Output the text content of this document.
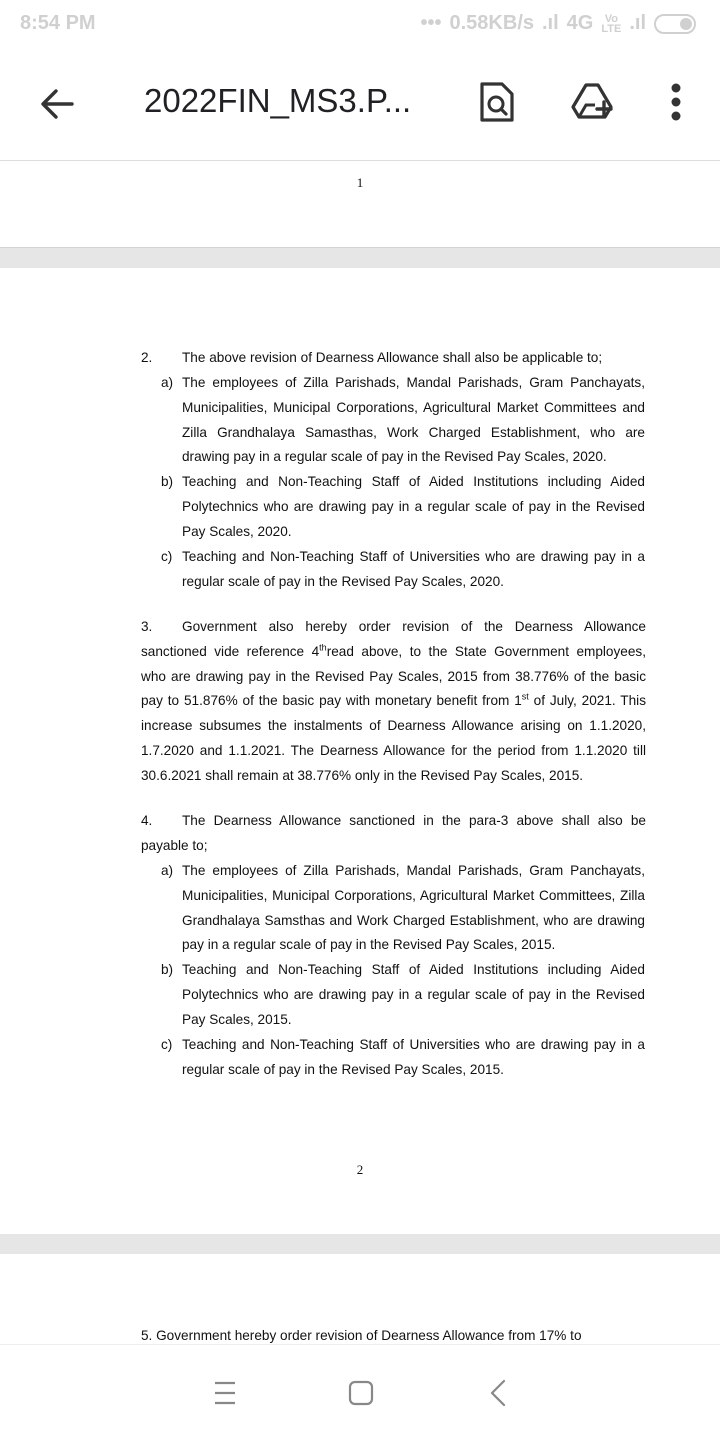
8:54 PM	••• 0.58KB/s .ıl 4G	Vo
LTE .ıl
2022FIN_MS3.P...
1
2. The above revision of Dearness Allowance shall also be applicable to;
a) The employees of Zilla Parishads, Mandal Parishads, Gram Panchayats,
Municipalities, Municipal Corporations, Agricultural Market Committees and
Zilla Grandhalaya Samasthas, Work Charged Establishment, who are
drawing pay in a regular scale of pay in the Revised Pay Scales, 2020.
b) Teaching and Non-Teaching Staff of Aided Institutions including Aided
Polytechnics who are drawing pay in a regular scale of pay in the Revised
Pay Scales, 2020.
c) Teaching and Non-Teaching Staff of Universities who are drawing pay in a
regular scale of pay in the Revised Pay Scales, 2020.
3. Government also hereby order revision of the Dearness Allowance
sanctioned vide reference 4thread above, to the State Government employees,
who are drawing pay in the Revised Pay Scales, 2015 from 38.776% of the basic
pay to 51.876% of the basic pay with monetary benefit from 1st of July, 2021. This
increase subsumes the instalments of Dearness Allowance arising on 1.1.2020,
1.7.2020 and 1.1.2021. The Dearness Allowance for the period from 1.1.2020 till
30.6.2021 shall remain at 38.776% only in the Revised Pay Scales, 2015.
4. The Dearness Allowance sanctioned in the para-3 above shall also be
payable to;
a) The employees of Zilla Parishads, Mandal Parishads, Gram Panchayats,
Municipalities, Municipal Corporations, Agricultural Market Committees, Zilla
Grandhalaya Samsthas and Work Charged Establishment, who are drawing
pay in a regular scale of pay in the Revised Pay Scales, 2015.
b) Teaching and Non-Teaching Staff of Aided Institutions including Aided
Polytechnics who are drawing pay in a regular scale of pay in the Revised
Pay Scales, 2015.
c) Teaching and Non-Teaching Staff of Universities who are drawing pay in a
regular scale of pay in the Revised Pay Scales, 2015.
2
5. Government hereby order revision of Dearness Allowance from 17% to
